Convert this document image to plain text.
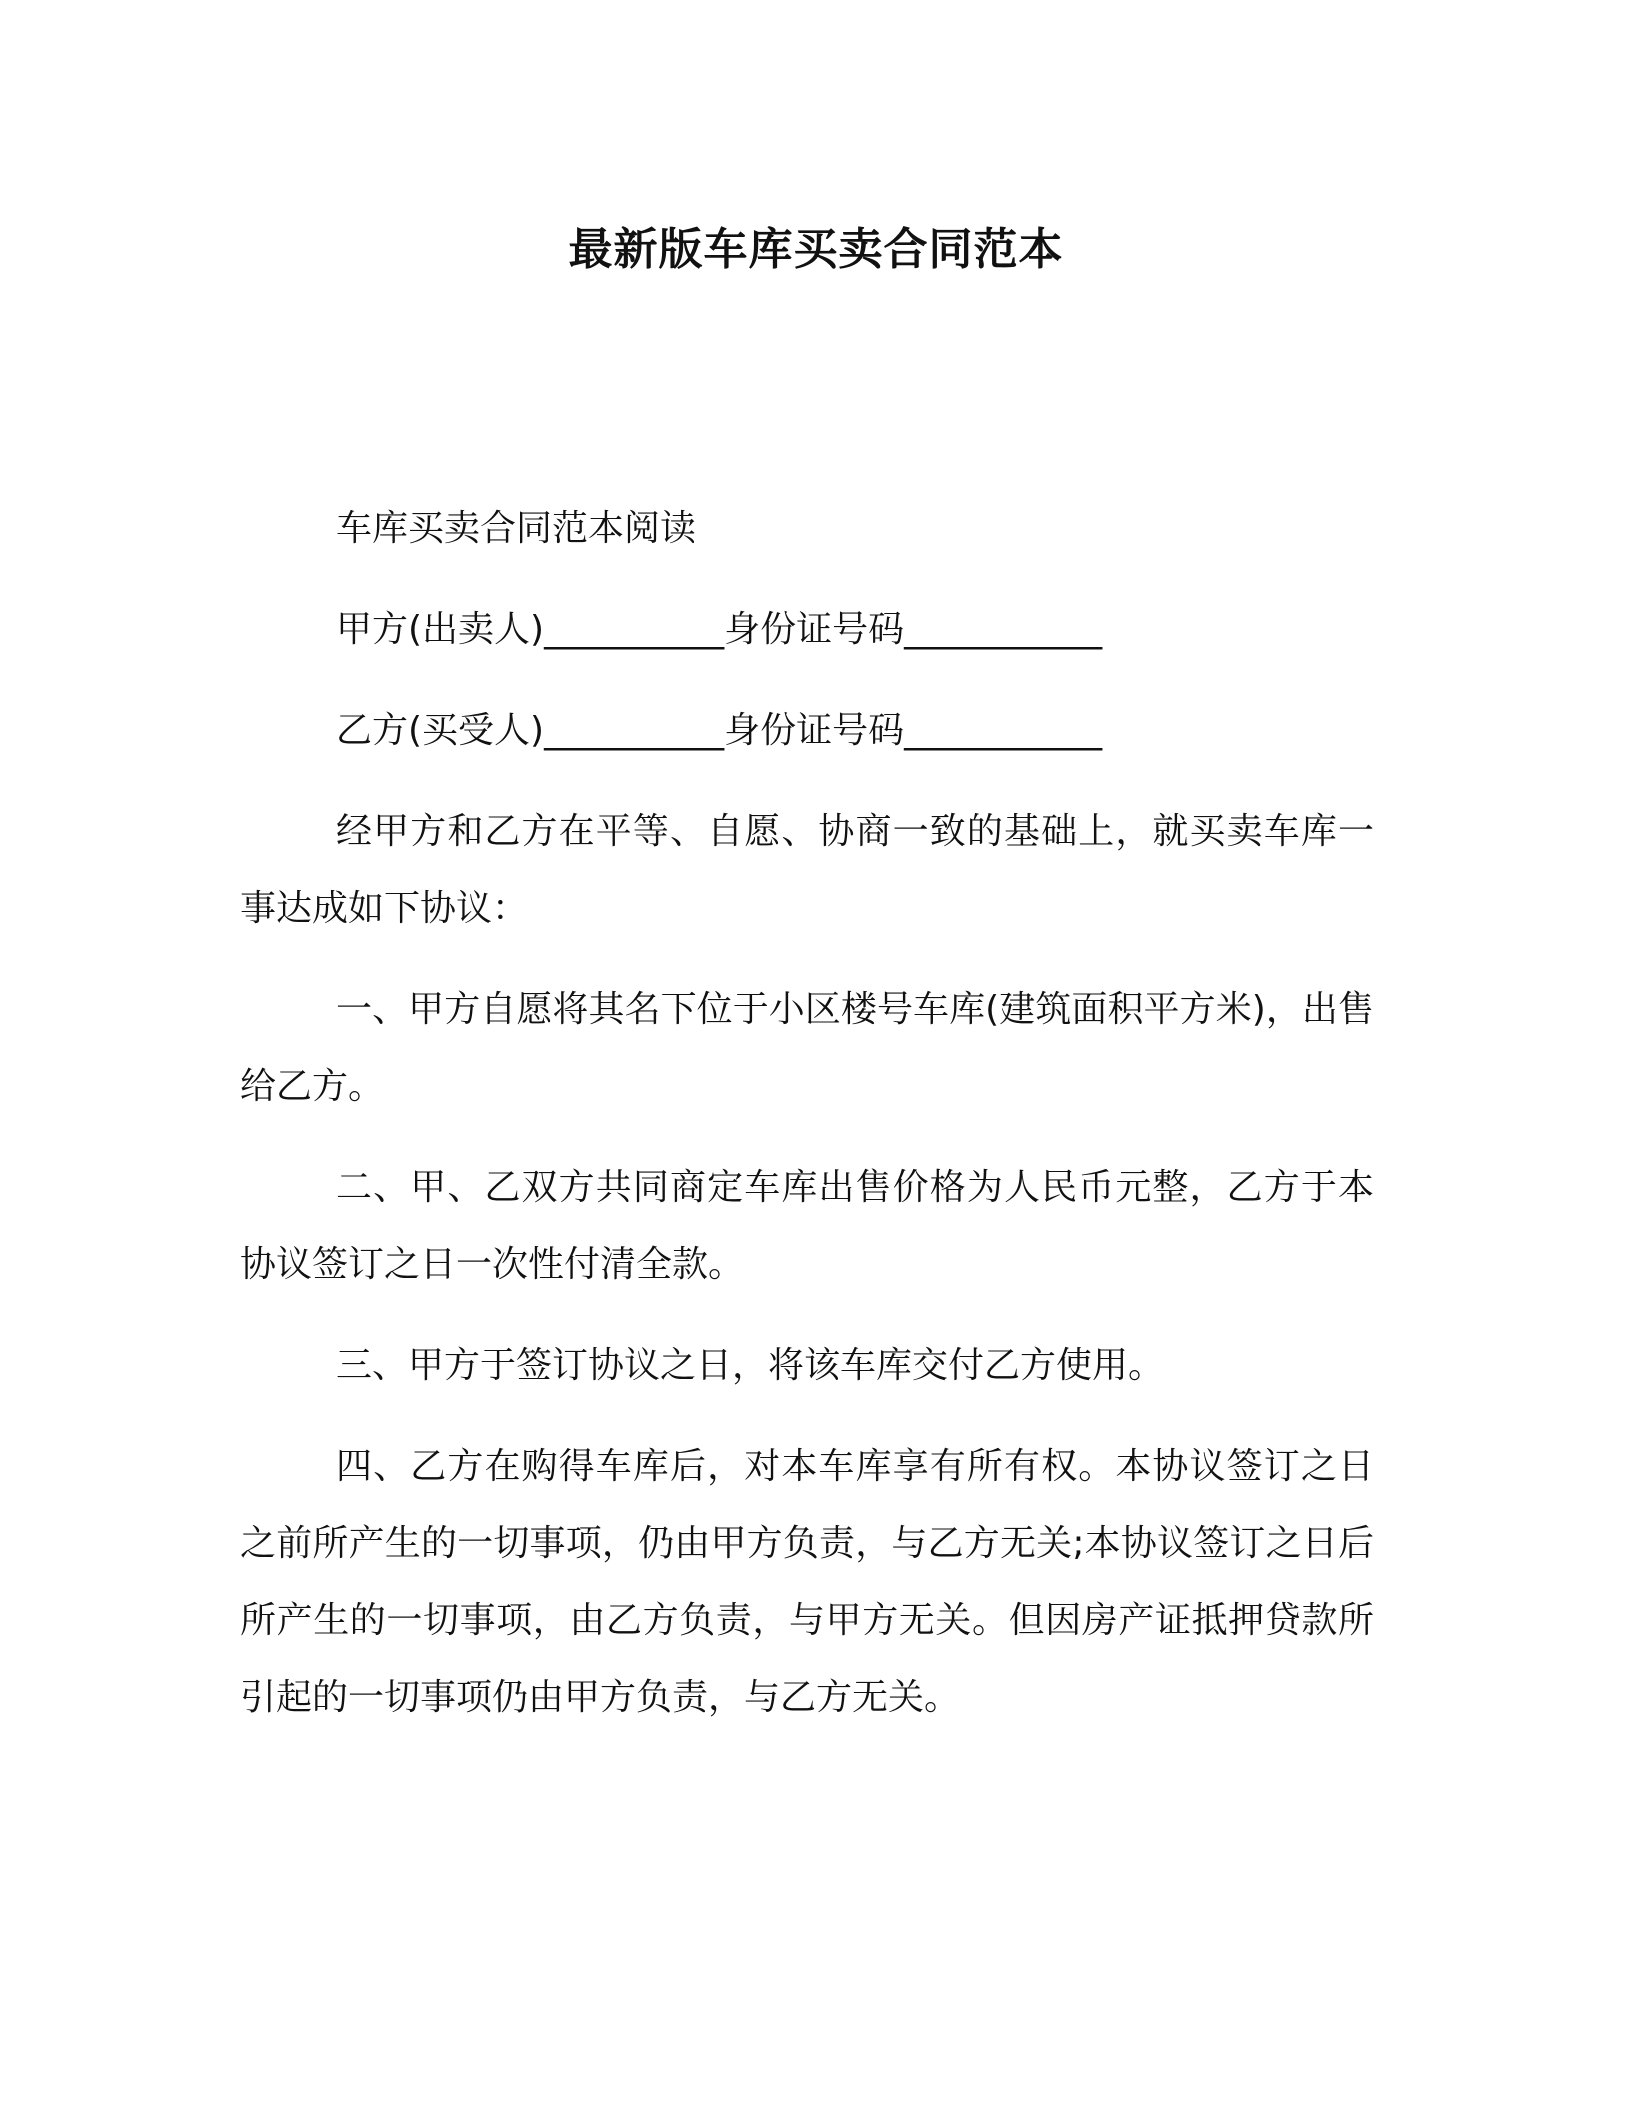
最新版车库买卖合同范本

车库买卖合同范本阅读

甲方(出卖人)__________身份证号码___________

乙方(买受人)__________身份证号码___________

经甲方和乙方在平等、自愿、协商一致的基础上，就买卖车库一事达成如下协议：

一、甲方自愿将其名下位于小区楼号车库(建筑面积平方米)，出售给乙方。

二、甲、乙双方共同商定车库出售价格为人民币元整，乙方于本协议签订之日一次性付清全款。

三、甲方于签订协议之日，将该车库交付乙方使用。

四、乙方在购得车库后，对本车库享有所有权。本协议签订之日之前所产生的一切事项，仍由甲方负责，与乙方无关;本协议签订之日后所产生的一切事项，由乙方负责，与甲方无关。但因房产证抵押贷款所引起的一切事项仍由甲方负责，与乙方无关。
